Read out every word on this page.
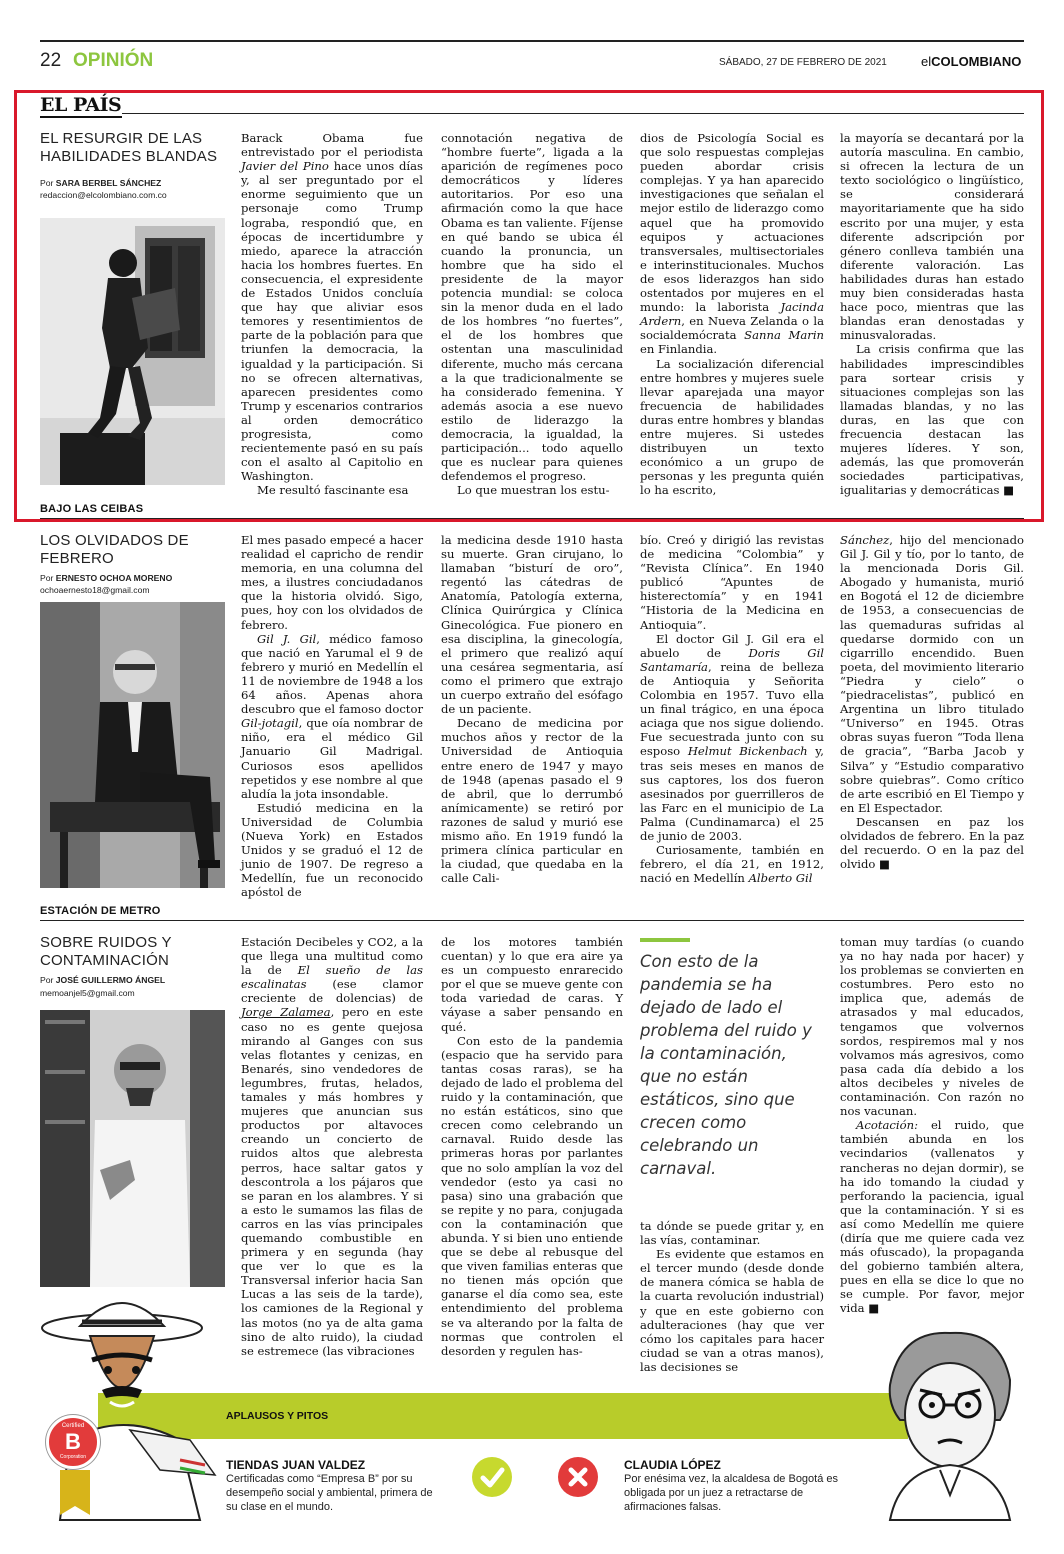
22 OPINIÓN	SÁBADO, 27 DE FEBRERO DE 2021	elCOLOMBIANO
EL PAÍS
EL RESURGIR DE LAS HABILIDADES BLANDAS
Por SARA BERBEL SÁNCHEZ
redaccion@elcolombiano.com.co

Barack Obama fue entrevistado por el periodista Javier del Pino hace unos días y, al ser preguntado por el enorme seguimiento que un personaje como Trump lograba, respondió que, en épocas de incertidumbre y miedo, aparece la atracción hacia los hombres fuertes. En consecuencia, el expresidente de Estados Unidos concluía que hay que aliviar esos temores y resentimientos de parte de la población para que triunfen la democracia, la igualdad y la participación. Si no se ofrecen alternativas, aparecen presidentes como Trump y escenarios contrarios al orden democrático progresista, como recientemente pasó en su país con el asalto al Capitolio en Washington.

Me resultó fascinante esa

connotación negativa de “hombre fuerte”, ligada a la aparición de regímenes poco democráticos y líderes autoritarios. Por eso una afirmación como la que hace Obama es tan valiente. Fíjense en qué bando se ubica él cuando la pronuncia, un hombre que ha sido el presidente de la mayor potencia mundial: se coloca sin la menor duda en el lado de los hombres “no fuertes”, el de los hombres que ostentan una masculinidad diferente, mucho más cercana a la que tradicionalmente se ha considerado femenina. Y además asocia a ese nuevo estilo de liderazgo la democracia, la igualdad, la participación... todo aquello que es nuclear para quienes defendemos el progreso.

Lo que muestran los estu-

dios de Psicología Social es que solo respuestas complejas pueden abordar crisis complejas. Y ya han aparecido investigaciones que señalan el mejor estilo de liderazgo como aquel que ha promovido equipos y actuaciones transversales, multisectoriales e interinstitucionales. Muchos de esos liderazgos han sido ostentados por mujeres en el mundo: la laborista Jacinda Ardern, en Nueva Zelanda o la socialdemócrata Sanna Marin en Finlandia.

La socialización diferencial entre hombres y mujeres suele llevar aparejada una mayor frecuencia de habilidades duras entre hombres y blandas entre mujeres. Si ustedes distribuyen un texto económico a un grupo de personas y les pregunta quién lo ha escrito,

la mayoría se decantará por la autoría masculina. En cambio, si ofrecen la lectura de un texto sociológico o lingüístico, se considerará mayoritariamente que ha sido escrito por una mujer, y esta diferente adscripción por género conlleva también una diferente valoración. Las habilidades duras han estado muy bien consideradas hasta hace poco, mientras que las blandas eran denostadas y minusvaloradas.

La crisis confirma que las habilidades imprescindibles para sortear crisis y situaciones complejas son las llamadas blandas, y no las duras, en las que con frecuencia destacan las mujeres líderes. Y son, además, las que promoverán sociedades participativas, igualitarias y democráticas ■

BAJO LAS CEIBAS
LOS OLVIDADOS DE FEBRERO
Por ERNESTO OCHOA MORENO
ochoaernesto18@gmail.com

El mes pasado empecé a hacer realidad el capricho de rendir memoria, en una columna del mes, a ilustres conciudadanos que la historia olvidó. Sigo, pues, hoy con los olvidados de febrero.

Gil J. Gil, médico famoso que nació en Yarumal el 9 de febrero y murió en Medellín el 11 de noviembre de 1948 a los 64 años. Apenas ahora descubro que el famoso doctor Gil-jotagil, que oía nombrar de niño, era el médico Gil Januario Gil Madrigal. Curiosos esos apellidos repetidos y ese nombre al que aludía la jota insondable.

Estudió medicina en la Universidad de Columbia (Nueva York) en Estados Unidos y se graduó el 12 de junio de 1907. De regreso a Medellín, fue un reconocido apóstol de

la medicina desde 1910 hasta su muerte. Gran cirujano, lo llamaban “bisturí de oro”, regentó las cátedras de Anatomía, Patología externa, Clínica Quirúrgica y Clínica Ginecológica. Fue pionero en esa disciplina, la ginecología, el primero que realizó aquí una cesárea segmentaria, así como el primero que extrajo un cuerpo extraño del esófago de un paciente.

Decano de medicina por muchos años y rector de la Universidad de Antioquia entre enero de 1947 y mayo de 1948 (apenas pasado el 9 de abril, que lo derrumbó anímicamente) se retiró por razones de salud y murió ese mismo año. En 1919 fundó la primera clínica particular en la ciudad, que quedaba en la calle Cali-

bío. Creó y dirigió las revistas de medicina “Colombia” y “Revista Clínica”. En 1940 publicó “Apuntes de histerectomía” y en 1941 “Historia de la Medicina en Antioquia”.

El doctor Gil J. Gil era el abuelo de Doris Gil Santamaría, reina de belleza de Antioquia y Señorita Colombia en 1957. Tuvo ella un final trágico, en una época aciaga que nos sigue doliendo. Fue secuestrada junto con su esposo Helmut Bickenbach y, tras seis meses en manos de sus captores, los dos fueron asesinados por guerrilleros de las Farc en el municipio de La Palma (Cundinamarca) el 25 de junio de 2003.

Curiosamente, también en febrero, el día 21, en 1912, nació en Medellín Alberto Gil

Sánchez, hijo del mencionado Gil J. Gil y tío, por lo tanto, de la mencionada Doris Gil. Abogado y humanista, murió en Bogotá el 12 de diciembre de 1953, a consecuencias de las quemaduras sufridas al quedarse dormido con un cigarrillo encendido. Buen poeta, del movimiento literario “Piedra y cielo” o “piedracelistas”, publicó en Argentina un libro titulado “Universo” en 1945. Otras obras suyas fueron “Toda llena de gracia”, “Barba Jacob y Silva” y “Estudio comparativo sobre quiebras”. Como crítico de arte escribió en El Tiempo y en El Espectador.

Descansen en paz los olvidados de febrero. En la paz del recuerdo. O en la paz del olvido ■

ESTACIÓN DE METRO
SOBRE RUIDOS Y CONTAMINACIÓN
Por JOSÉ GUILLERMO ÁNGEL
memoanjel5@gmail.com

Estación Decibeles y CO2, a la que llega una multitud como la de El sueño de las escalinatas (ese clamor creciente de dolencias) de Jorge Zalamea, pero en este caso no es gente quejosa mirando al Ganges con sus velas flotantes y cenizas, en Benarés, sino vendedores de legumbres, frutas, helados, tamales y más hombres y mujeres que anuncian sus productos por altavoces creando un concierto de ruidos altos que alebresta perros, hace saltar gatos y descontrola a los pájaros que se paran en los alambres. Y si a esto le sumamos las filas de carros en las vías principales quemando combustible en primera y en segunda (hay que ver lo que es la Transversal inferior hacia San Lucas a las seis de la tarde), los camiones de la Regional y las motos (no ya de alta gama sino de alto ruido), la ciudad se estremece (las vibraciones

de los motores también cuentan) y lo que era aire ya es un compuesto enrarecido por el que se mueve gente con toda variedad de caras. Y váyase a saber pensando en qué.

Con esto de la pandemia (espacio que ha servido para tantas cosas raras), se ha dejado de lado el problema del ruido y la contaminación, que no están estáticos, sino que crecen como celebrando un carnaval. Ruido desde las primeras horas por parlantes que no solo amplían la voz del vendedor (esto ya casi no pasa) sino una grabación que se repite y no para, conjugada con la contaminación que abunda. Y si bien uno entiende que se debe al rebusque del que viven familias enteras que no tienen más opción que ganarse el día como sea, este entendimiento del problema se va alterando por la falta de normas que controlen el desorden y regulen has-

Con esto de la pandemia se ha dejado de lado el problema del ruido y la contaminación, que no están estáticos, sino que crecen como celebrando un carnaval.

ta dónde se puede gritar y, en las vías, contaminar.

Es evidente que estamos en el tercer mundo (desde donde de manera cómica se habla de la cuarta revolución industrial) y que en este gobierno con adulteraciones (hay que ver cómo los capitales para hacer ciudad se van a otras manos), las decisiones se

toman muy tardías (o cuando ya no hay nada por hacer) y los problemas se convierten en costumbres. Pero esto no implica que, además de atrasados y mal educados, tengamos que volvernos sordos, respiremos mal y nos volvamos más agresivos, como pasa cada día debido a los altos decibeles y niveles de contaminación. Con razón no nos vacunan.

Acotación: el ruido, que también abunda en los vecindarios (vallenatos y rancheras no dejan dormir), se ha ido tomando la ciudad y perforando la paciencia, igual que la contaminación. Y si es así como Medellín me quiere (diría que me quiere cada vez más ofuscado), la propaganda del gobierno también altera, pues en ella se dice lo que no se cumple. Por favor, mejor vida ■

APLAUSOS Y PITOS
Certified
B
Corporation
TIENDAS JUAN VALDEZ
Certificadas como “Empresa B” por su desempeño social y ambiental, primera de su clase en el mundo.
CLAUDIA LÓPEZ
Por enésima vez, la alcaldesa de Bogotá es obligada por un juez a retractarse de afirmaciones falsas.
